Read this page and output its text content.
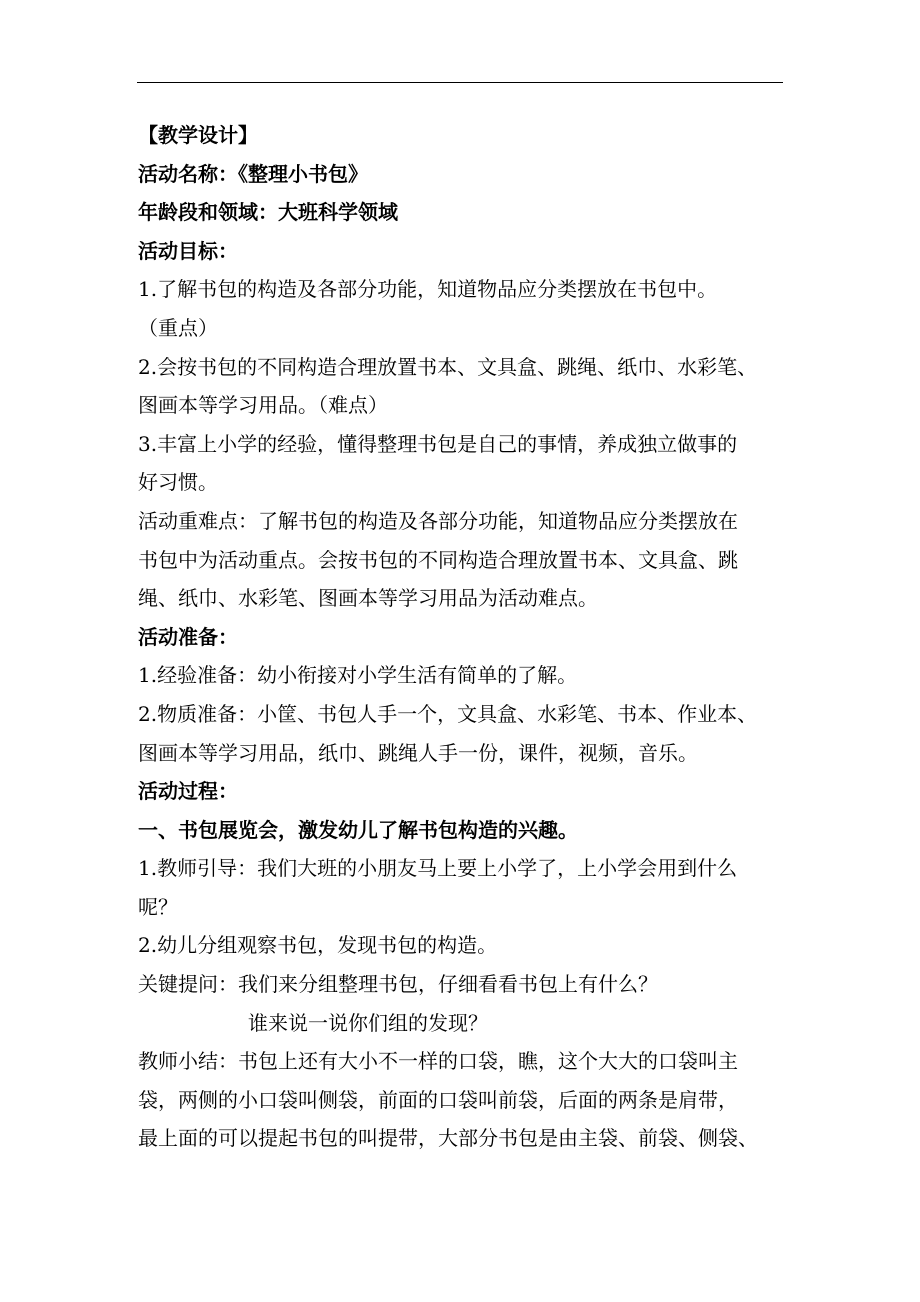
【教学设计】
活动名称：《整理小书包》
年龄段和领域：大班科学领域
活动目标：
1.了解书包的构造及各部分功能，知道物品应分类摆放在书包中。
（重点）
2.会按书包的不同构造合理放置书本、文具盒、跳绳、纸巾、水彩笔、
图画本等学习用品。（难点）
3.丰富上小学的经验，懂得整理书包是自己的事情，养成独立做事的
好习惯。
活动重难点：了解书包的构造及各部分功能，知道物品应分类摆放在
书包中为活动重点。会按书包的不同构造合理放置书本、文具盒、跳
绳、纸巾、水彩笔、图画本等学习用品为活动难点。
活动准备：
1.经验准备：幼小衔接对小学生活有简单的了解。
2.物质准备：小筐、书包人手一个，文具盒、水彩笔、书本、作业本、
图画本等学习用品，纸巾、跳绳人手一份，课件，视频，音乐。
活动过程：
一、书包展览会，激发幼儿了解书包构造的兴趣。
1.教师引导：我们大班的小朋友马上要上小学了，上小学会用到什么
呢？
2.幼儿分组观察书包，发现书包的构造。
关键提问：我们来分组整理书包，仔细看看书包上有什么？
谁来说一说你们组的发现？
教师小结：书包上还有大小不一样的口袋，瞧，这个大大的口袋叫主
袋，两侧的小口袋叫侧袋，前面的口袋叫前袋，后面的两条是肩带，
最上面的可以提起书包的叫提带，大部分书包是由主袋、前袋、侧袋、
